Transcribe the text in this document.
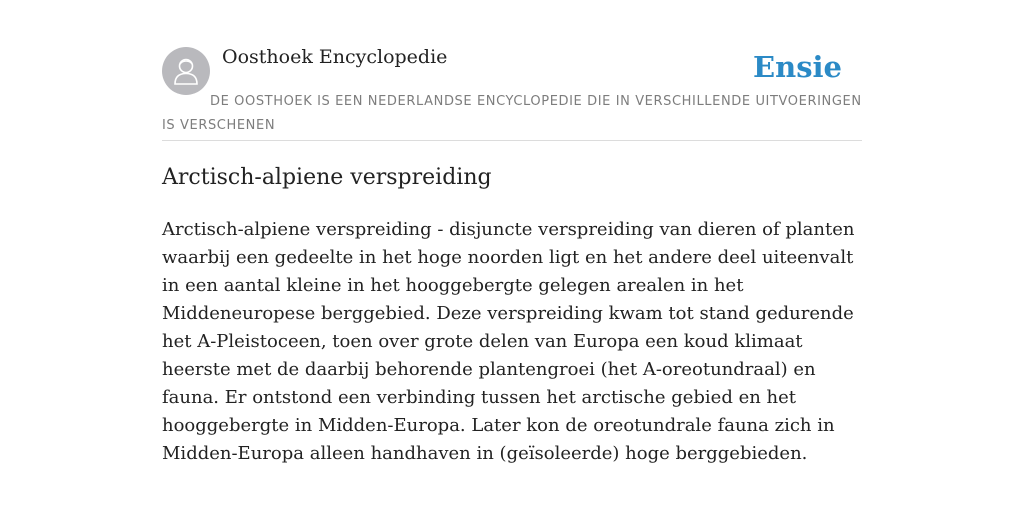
Oosthoek Encyclopedie	Ensie
DE OOSTHOEK IS EEN NEDERLANDSE ENCYCLOPEDIE DIE IN VERSCHILLENDE UITVOERINGEN IS VERSCHENEN
Arctisch-alpiene verspreiding

Arctisch-alpiene verspreiding - disjuncte verspreiding van dieren of planten waarbij een gedeelte in het hoge noorden ligt en het andere deel uiteenvalt in een aantal kleine in het hooggebergte gelegen arealen in het Middeneuropese berggebied. Deze verspreiding kwam tot stand gedurende het A-Pleistoceen, toen over grote delen van Europa een koud klimaat heerste met de daarbij behorende plantengroei (het A-oreotundraal) en fauna. Er ontstond een verbinding tussen het arctische gebied en het hooggebergte in Midden-Europa. Later kon de oreotundrale fauna zich in Midden-Europa alleen handhaven in (geïsoleerde) hoge berggebieden.
